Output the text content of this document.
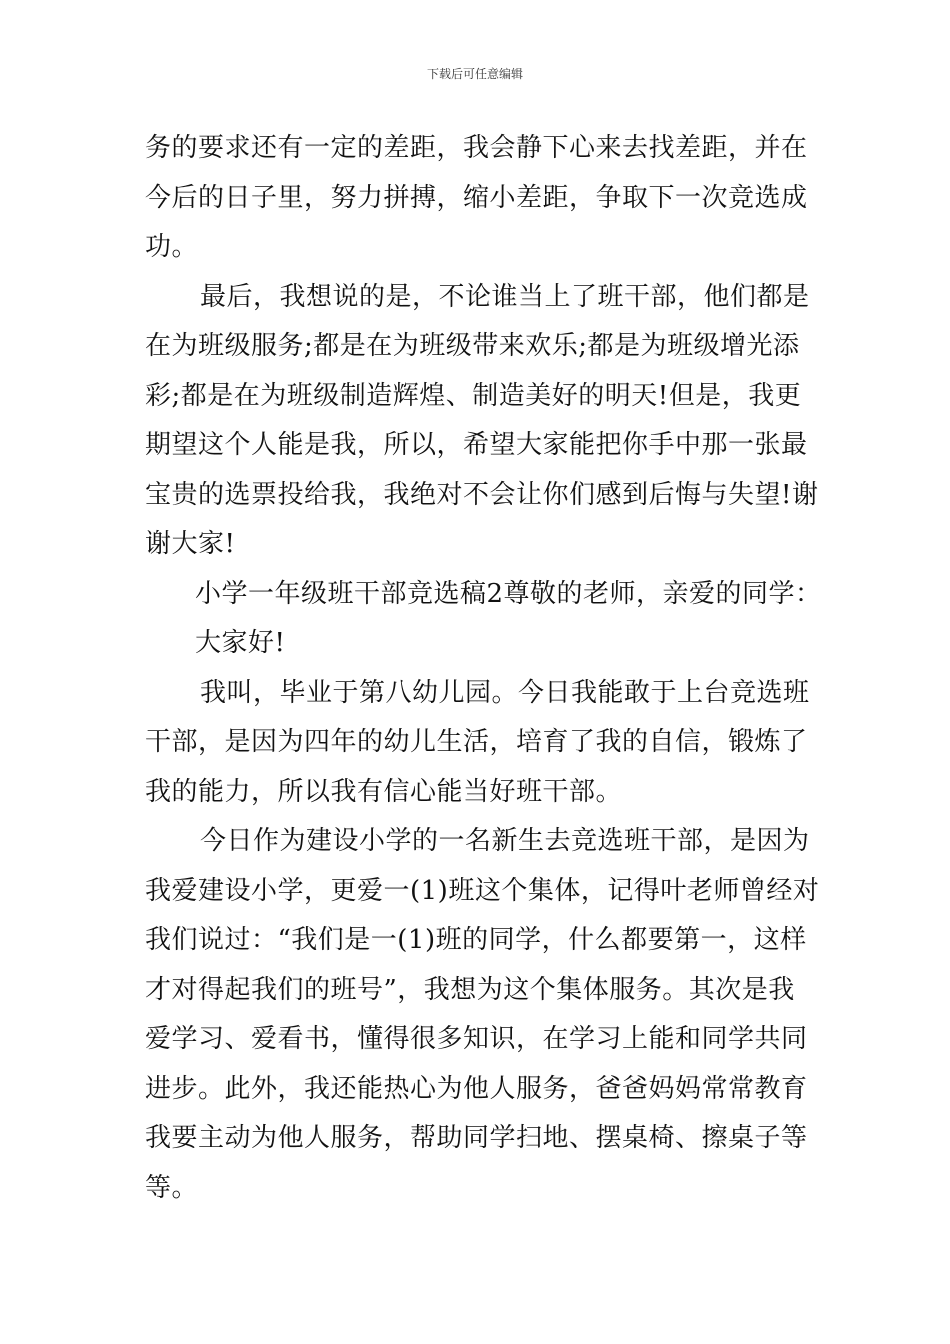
下载后可任意编辑
务的要求还有一定的差距，我会静下心来去找差距，并在
今后的日子里，努力拼搏，缩小差距，争取下一次竞选成
功。
最后，我想说的是，不论谁当上了班干部，他们都是
在为班级服务;都是在为班级带来欢乐;都是为班级增光添
彩;都是在为班级制造辉煌、制造美好的明天!但是，我更
期望这个人能是我，所以，希望大家能把你手中那一张最
宝贵的选票投给我，我绝对不会让你们感到后悔与失望!谢
谢大家!
小学一年级班干部竞选稿2尊敬的老师，亲爱的同学：
大家好!
我叫，毕业于第八幼儿园。今日我能敢于上台竞选班
干部，是因为四年的幼儿生活，培育了我的自信，锻炼了
我的能力，所以我有信心能当好班干部。
今日作为建设小学的一名新生去竞选班干部，是因为
我爱建设小学，更爱一(1)班这个集体，记得叶老师曾经对
我们说过：“我们是一(1)班的同学，什么都要第一，这样
才对得起我们的班号”，我想为这个集体服务。其次是我
爱学习、爱看书，懂得很多知识，在学习上能和同学共同
进步。此外，我还能热心为他人服务，爸爸妈妈常常教育
我要主动为他人服务，帮助同学扫地、摆桌椅、擦桌子等
等。
